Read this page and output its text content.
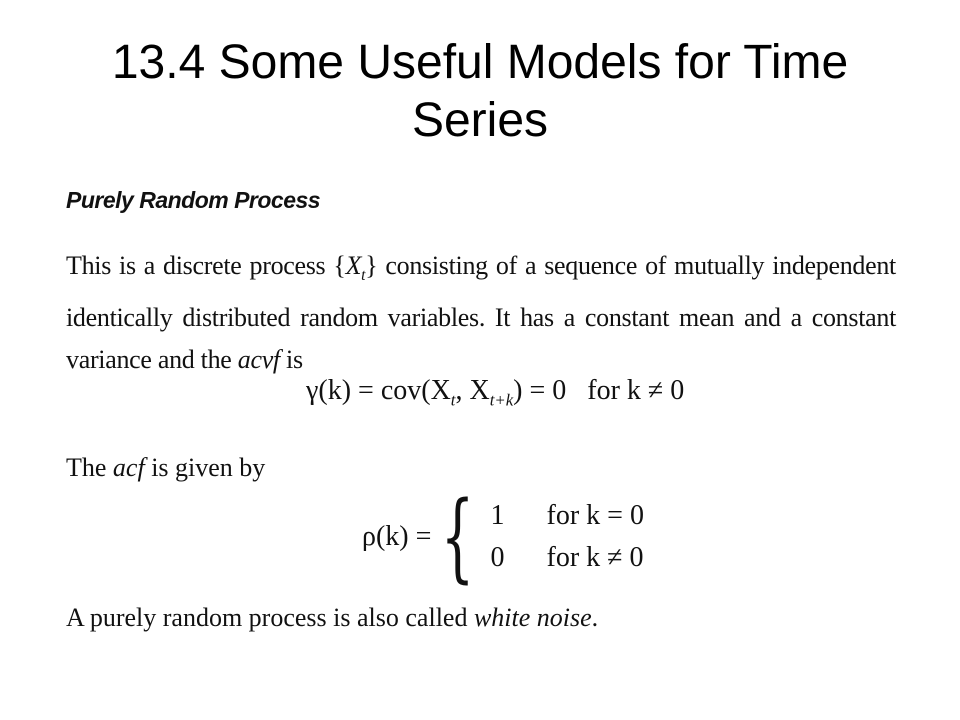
13.4 Some Useful Models for Time Series
Purely Random Process

This is a discrete process $\{X_t\}$ consisting of a sequence of mutually independent identically distributed random variables. It has a constant mean and a constant variance and the acvf is

$\gamma(k) = cov(X_t$, $X_{t+k}) = 0$ for k ≠ 0

The acf is given by

ρ(k) = { 1	for k = 0
0	for k ≠ 0

A purely random process is also called white noise.
